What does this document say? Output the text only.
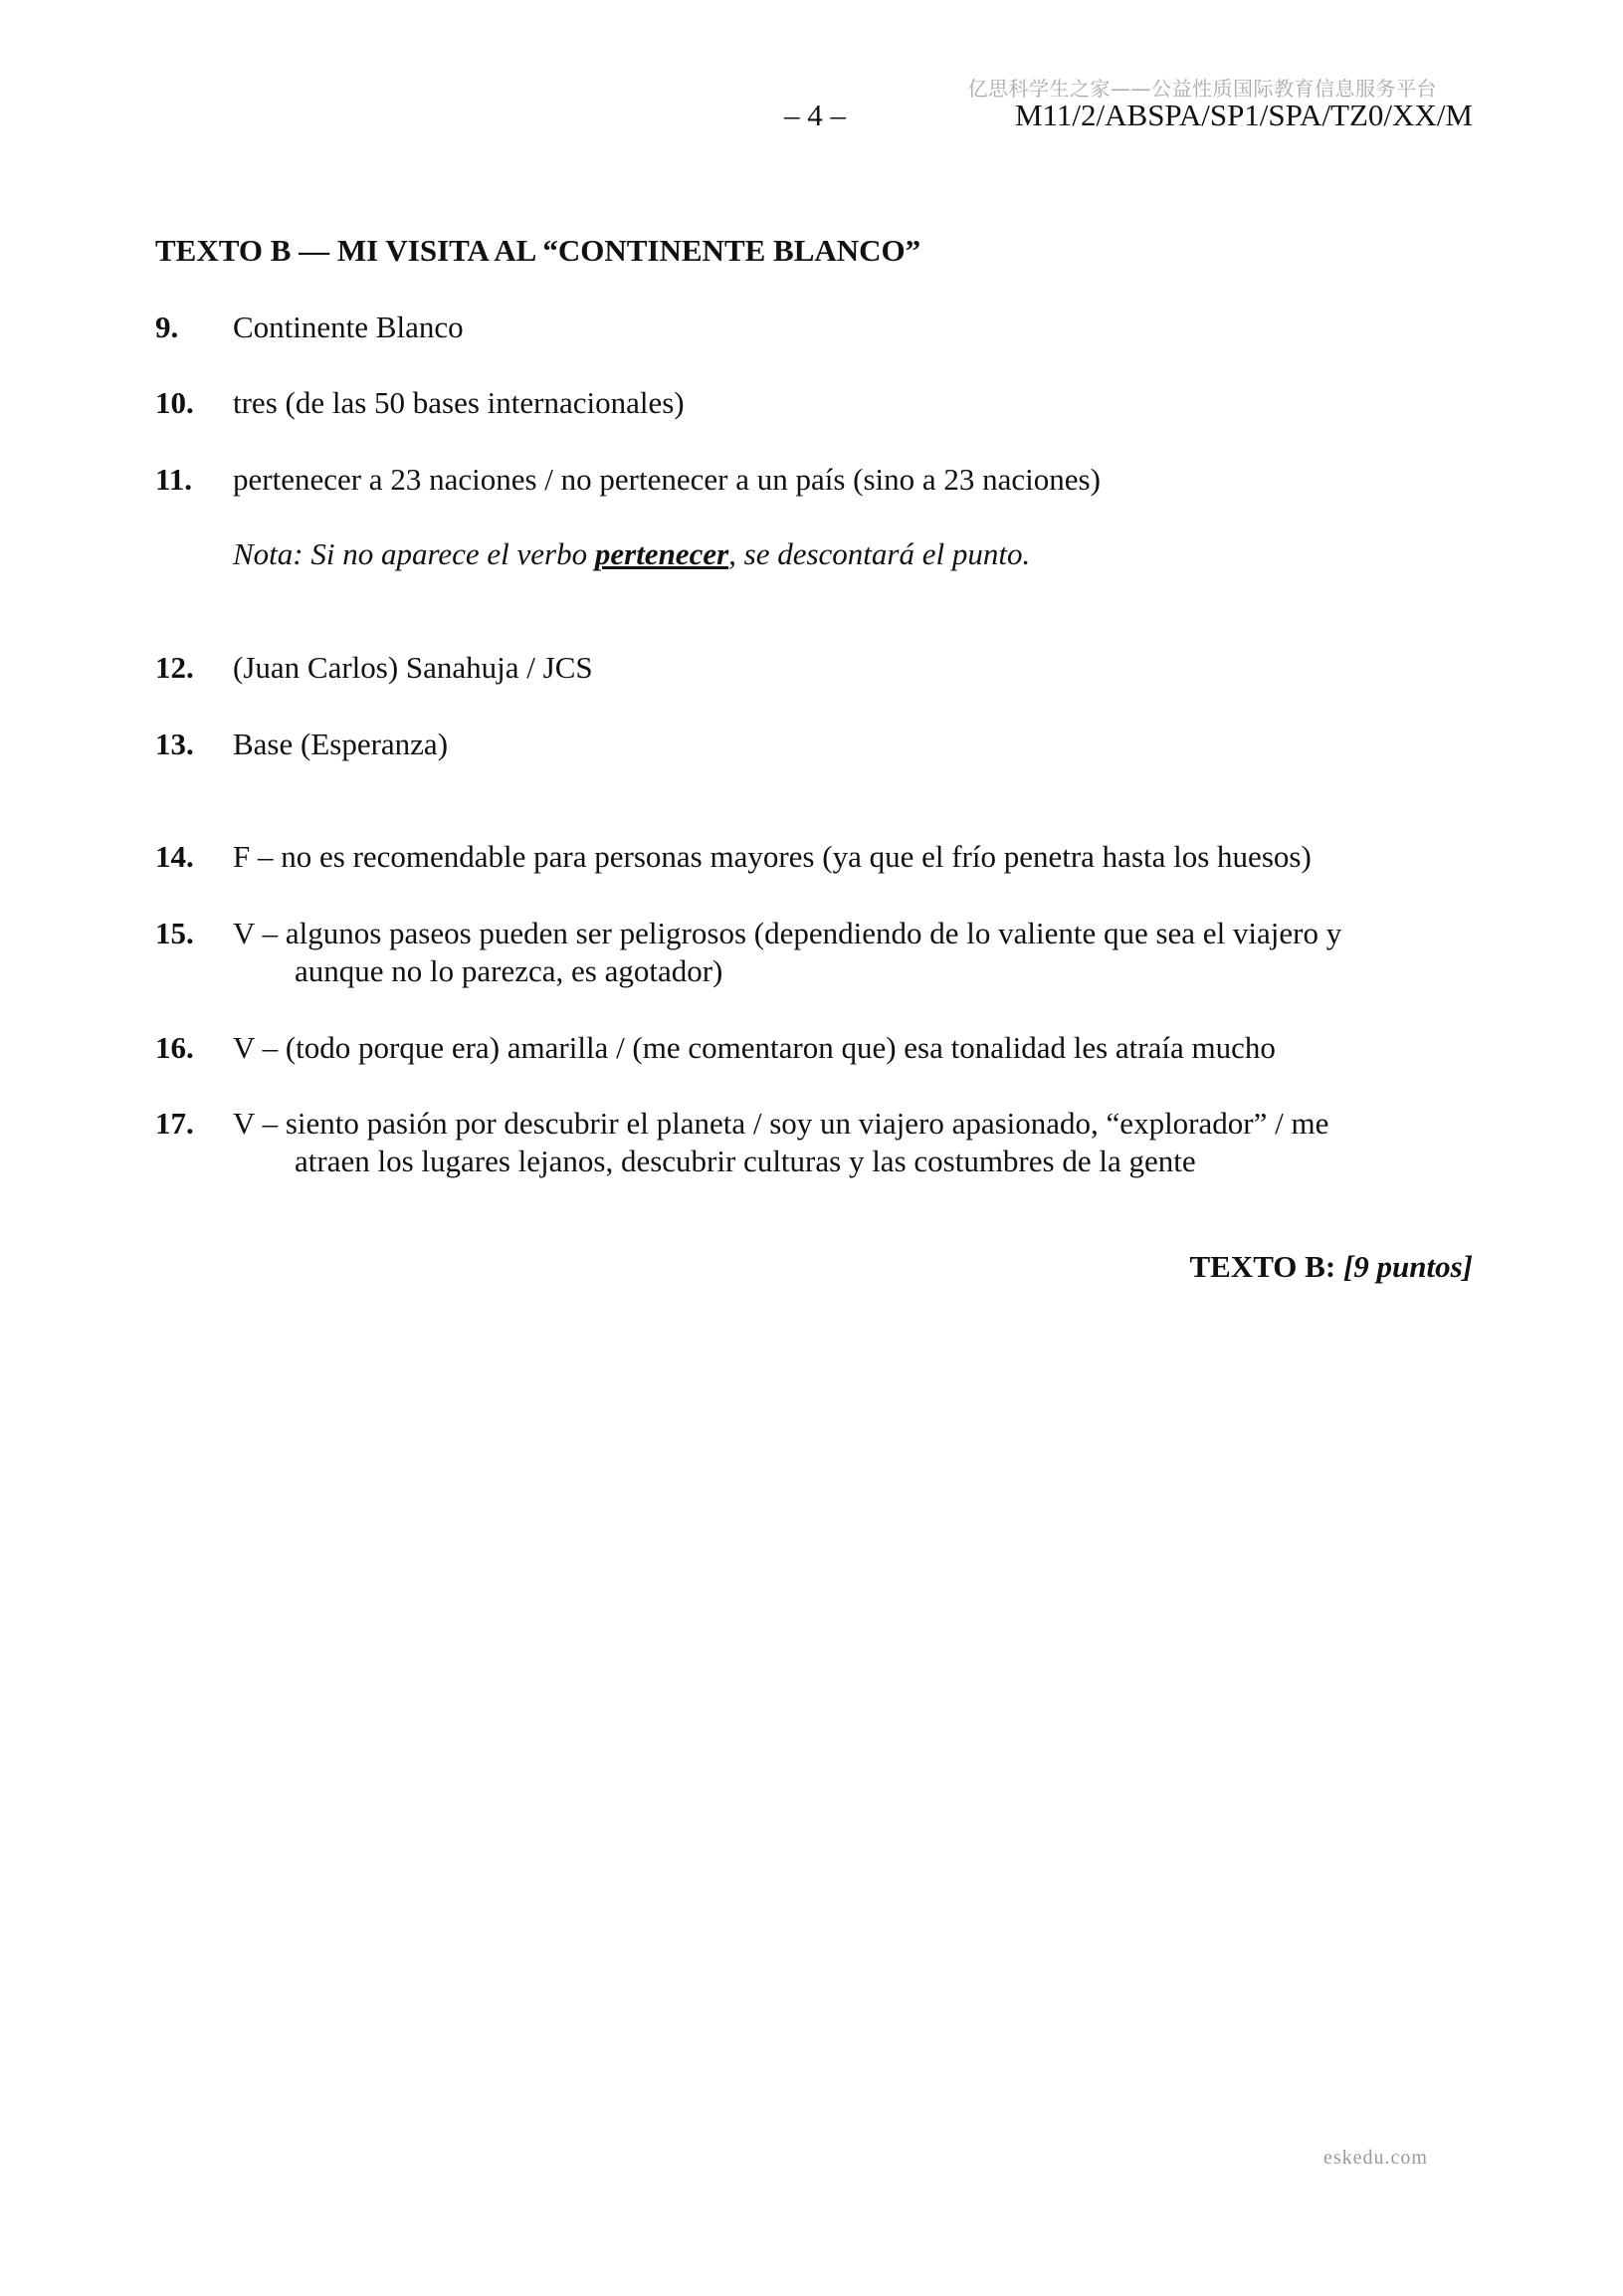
亿思科学生之家——公益性质国际教育信息服务平台
– 4 –	M11/2/ABSPA/SP1/SPA/TZ0/XX/M
TEXTO B — MI VISITA AL “CONTINENTE BLANCO”
9. Continente Blanco
10. tres (de las 50 bases internacionales)
11. pertenecer a 23 naciones / no pertenecer a un país (sino a 23 naciones)
Nota: Si no aparece el verbo pertenecer, se descontará el punto.
12. (Juan Carlos) Sanahuja / JCS
13. Base (Esperanza)
14. F – no es recomendable para personas mayores (ya que el frío penetra hasta los huesos)
15. V – algunos paseos pueden ser peligrosos (dependiendo de lo valiente que sea el viajero y
aunque no lo parezca, es agotador)
16. V – (todo porque era) amarilla / (me comentaron que) esa tonalidad les atraía mucho
17. V – siento pasión por descubrir el planeta / soy un viajero apasionado, “explorador” / me
atraen los lugares lejanos, descubrir culturas y las costumbres de la gente
TEXTO B: [9 puntos]
eskedu.com
